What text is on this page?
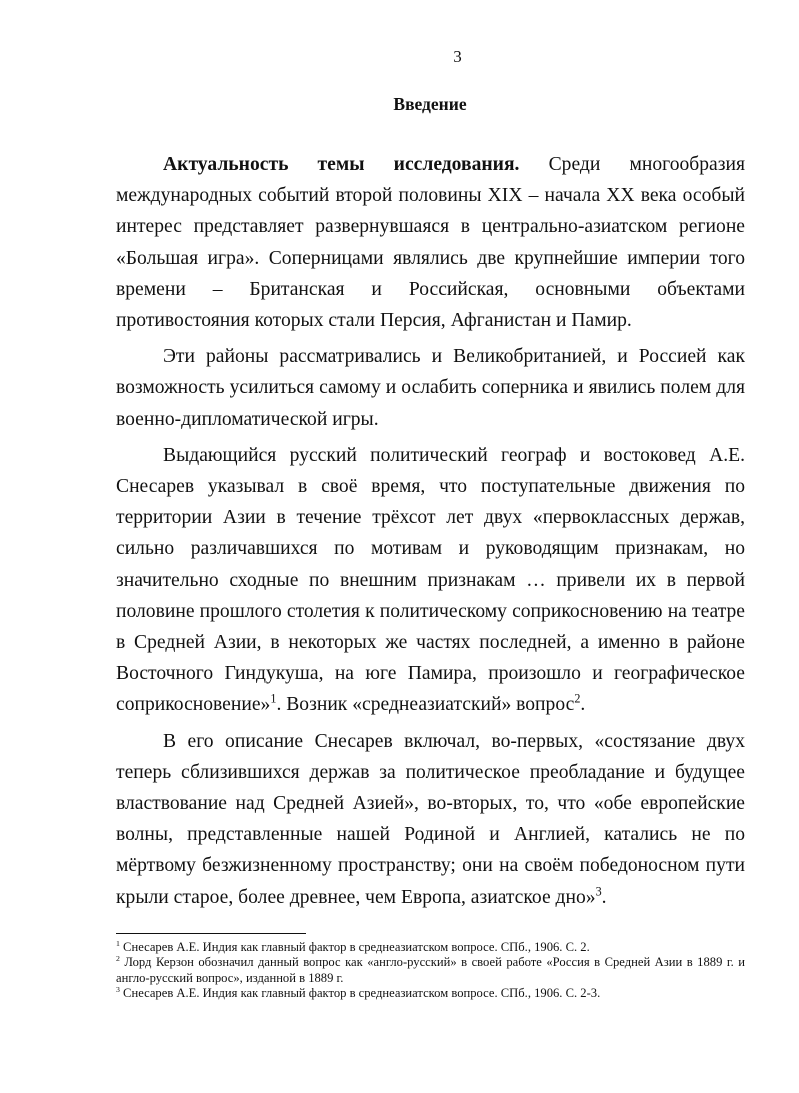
3
Введение

Актуальность темы исследования. Среди многообразия международных событий второй половины XIX – начала XX века особый интерес представляет развернувшаяся в центрально-азиатском регионе «Большая игра». Соперницами являлись две крупнейшие империи того времени – Британская и Российская, основными объектами противостояния которых стали Персия, Афганистан и Памир.

Эти районы рассматривались и Великобританией, и Россией как возможность усилиться самому и ослабить соперника и явились полем для военно-дипломатической игры.

Выдающийся русский политический географ и востоковед А.Е. Снесарев указывал в своё время, что поступательные движения по территории Азии в течение трёхсот лет двух «первоклассных держав, сильно различавшихся по мотивам и руководящим признакам, но значительно сходные по внешним признакам … привели их в первой половине прошлого столетия к политическому соприкосновению на театре в Средней Азии, в некоторых же частях последней, а именно в районе Восточного Гиндукуша, на юге Памира, произошло и географическое соприкосновение»$^1$. Возник «среднеазиатский» вопрос$^2$.

В его описание Снесарев включал, во-первых, «состязание двух теперь сблизившихся держав за политическое преобладание и будущее властвование над Средней Азией», во-вторых, то, что «обе европейские волны, представленные нашей Родиной и Англией, катались не по мёртвому безжизненному пространству; они на своём победоносном пути крыли старое, более древнее, чем Европа, азиатское дно»$^3$.

$^1$ Снесарев А.Е. Индия как главный фактор в среднеазиатском вопросе. СПб., 1906. С. 2.

$^2$ Лорд Керзон обозначил данный вопрос как «англо-русский» в своей работе «Россия в Средней Азии в 1889 г. и англо-русский вопрос», изданной в 1889 г.

$^3$ Снесарев А.Е. Индия как главный фактор в среднеазиатском вопросе. СПб., 1906. С. 2-3.
